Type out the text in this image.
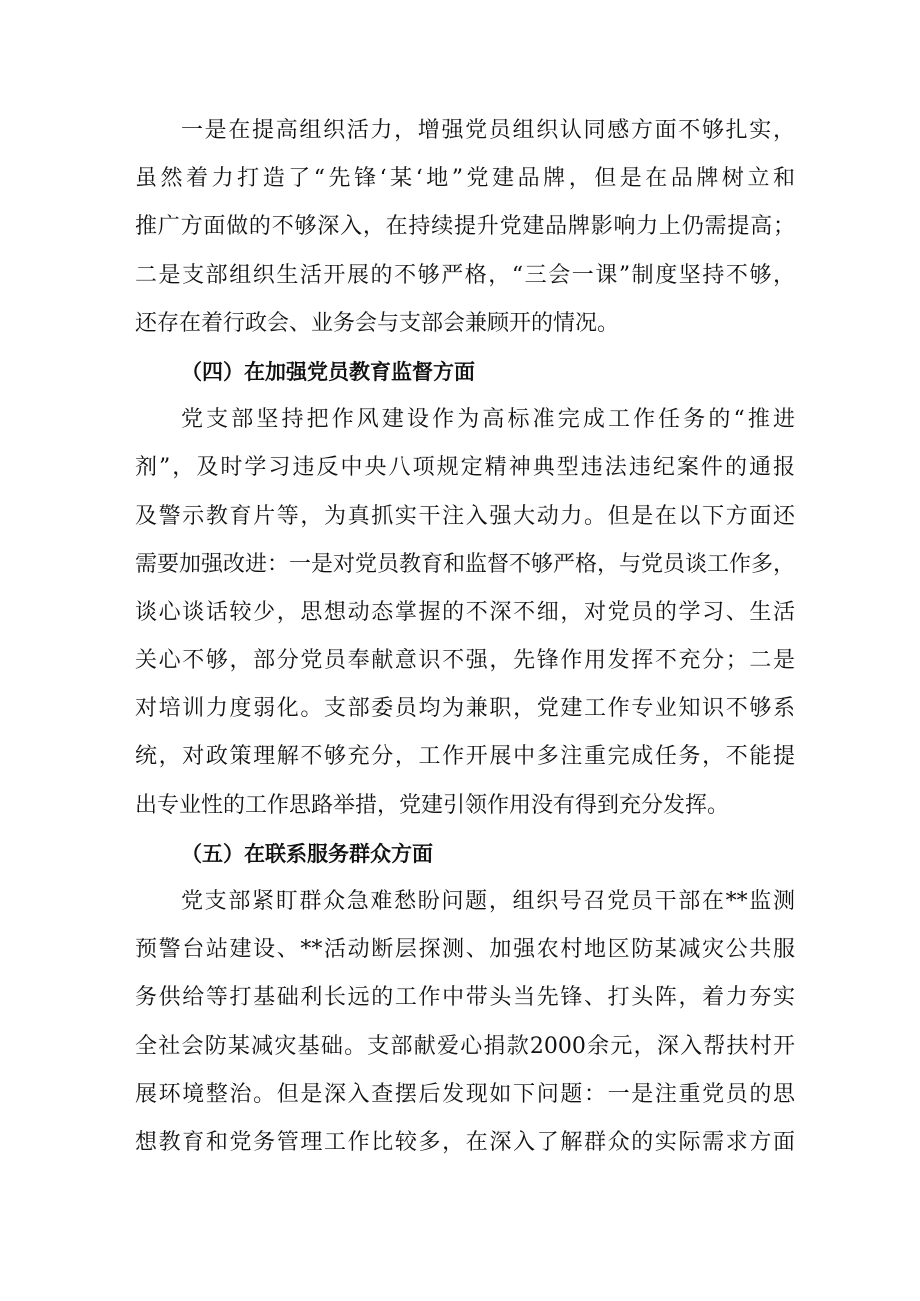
一是在提高组织活力，增强党员组织认同感方面不够扎实，
虽然着力打造了“先锋‘某‘地”党建品牌，但是在品牌树立和
推广方面做的不够深入，在持续提升党建品牌影响力上仍需提高；
二是支部组织生活开展的不够严格，“三会一课”制度坚持不够，
还存在着行政会、业务会与支部会兼顾开的情况。
（四）在加强党员教育监督方面
党支部坚持把作风建设作为高标准完成工作任务的“推进
剂”，及时学习违反中央八项规定精神典型违法违纪案件的通报
及警示教育片等，为真抓实干注入强大动力。但是在以下方面还
需要加强改进：一是对党员教育和监督不够严格，与党员谈工作多，
谈心谈话较少，思想动态掌握的不深不细，对党员的学习、生活
关心不够，部分党员奉献意识不强，先锋作用发挥不充分；二是
对培训力度弱化。支部委员均为兼职，党建工作专业知识不够系
统，对政策理解不够充分，工作开展中多注重完成任务，不能提
出专业性的工作思路举措，党建引领作用没有得到充分发挥。
（五）在联系服务群众方面
党支部紧盯群众急难愁盼问题，组织号召党员干部在**监测
预警台站建设、**活动断层探测、加强农村地区防某减灾公共服
务供给等打基础利长远的工作中带头当先锋、打头阵，着力夯实
全社会防某减灾基础。支部献爱心捐款2000余元，深入帮扶村开
展环境整治。但是深入查摆后发现如下问题：一是注重党员的思
想教育和党务管理工作比较多，在深入了解群众的实际需求方面
